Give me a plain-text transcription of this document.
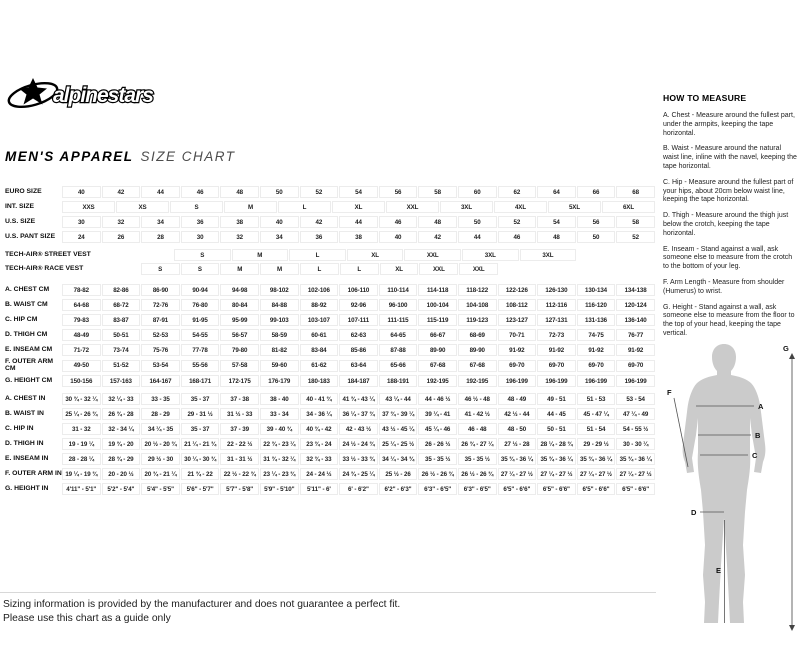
alpinestars
MEN'S APPAREL SIZE CHART
EURO SIZE	40	42	44	46	48	50	52	54	56	58	60	62	64	66	68
INT. SIZE	XXS	XS	S	M	L	XL	XXL	3XL	4XL	5XL	6XL
U.S. SIZE	30	32	34	36	38	40	42	44	46	48	50	52	54	56	58
U.S. PANT SIZE	24	26	28	30	32	34	36	38	40	42	44	46	48	50	52
TECH-AIR® STREET VEST	S	M	L	XL	XXL	3XL	3XL
TECH-AIR® RACE VEST	S	S	M	M	L	L	XL	XXL	XXL
A. CHEST CM	78-82	82-86	86-90	90-94	94-98	98-102	102-106	106-110	110-114	114-118	118-122	122-126	126-130	130-134	134-138
B. WAIST CM	64-68	68-72	72-76	76-80	80-84	84-88	88-92	92-96	96-100	100-104	104-108	108-112	112-116	116-120	120-124
C. HIP CM	79-83	83-87	87-91	91-95	95-99	99-103	103-107	107-111	111-115	115-119	119-123	123-127	127-131	131-136	136-140
D. THIGH CM	48-49	50-51	52-53	54-55	56-57	58-59	60-61	62-63	64-65	66-67	68-69	70-71	72-73	74-75	76-77
E. INSEAM CM	71-72	73-74	75-76	77-78	79-80	81-82	83-84	85-86	87-88	89-90	89-90	91-92	91-92	91-92	91-92
F. OUTER ARM CM	49-50	51-52	53-54	55-56	57-58	59-60	61-62	63-64	65-66	67-68	67-68	69-70	69-70	69-70	69-70
G. HEIGHT CM	150-156	157-163	164-167	168-171	172-175	176-179	180-183	184-187	188-191	192-195	192-195	196-199	196-199	196-199	196-199
A. CHEST IN	30 ¾ - 32 ¼	32 ¼ - 33	33 - 35	35 - 37	37 - 38	38 - 40	40 - 41 ¾	41 ¾ - 43 ¼	43 ¼ - 44	44 - 46 ½	46 ½ - 48	48 - 49	49 - 51	51 - 53	53 - 54
B. WAIST IN	25 ¼ - 26 ¾	26 ¾ - 28	28 - 29	29 - 31 ½	31 ½ - 33	33 - 34	34 - 36 ¼	36 ¼ - 37 ¾	37 ¾ - 39 ¼	39 ¼ - 41	41 - 42 ½	42 ½ - 44	44 - 45	45 - 47 ¼	47 ¼ - 49
C. HIP IN	31 - 32	32 - 34 ¼	34 ¼ - 35	35 - 37	37 - 39	39 - 40 ¾	40 ¾ - 42	42 - 43 ½	43 ½ - 45 ¼	45 ¼ - 46	46 - 48	48 - 50	50 - 51	51 - 54	54 - 55 ½
D. THIGH IN	19 - 19 ¼	19 ¾ - 20	20 ½ - 20 ¾	21 ¼ - 21 ¾	22 - 22 ½	22 ¾ - 23 ¼	23 ¾ - 24	24 ½ - 24 ¾	25 ¼ - 25 ½	26 - 26 ½	26 ¾ - 27 ¼	27 ½ - 28	28 ¼ - 28 ¾	29 - 29 ½	30 - 30 ¼
E. INSEAM IN	28 - 28 ¼	28 ¾ - 29	29 ½ - 30	30 ¼ - 30 ¾	31 - 31 ½	31 ¾ - 32 ¼	32 ¾ - 33	33 ½ - 33 ¾	34 ¼ - 34 ¾	35 - 35 ½	35 - 35 ½	35 ¾ - 36 ¼	35 ¾ - 36 ¼	35 ¾ - 36 ¼	35 ¾ - 36 ¼
F. OUTER ARM IN 19 ¼ - 19 ¾	20 - 20 ½	20 ¾ - 21 ¼	21 ¾ - 22	22 ½ - 22 ¾	23 ¼ - 23 ¾	24 - 24 ½	24 ¾ - 25 ¼	25 ½ - 26	26 ½ - 26 ¾	26 ½ - 26 ¾	27 ¼ - 27 ½	27 ¼ - 27 ½	27 ¼ - 27 ½	27 ¼ - 27 ½
G. HEIGHT IN	4'11" - 5'1"	5'2" - 5'4"	5'4" - 5'5"	5'6" - 5'7"	5'7" - 5'8"	5'9" - 5'10"	5'11" - 6'	6' - 6'2"	6'2" - 6'3"	6'3" - 6'5"	6'3" - 6'5"	6'5" - 6'6"	6'5" - 6'6"	6'5" - 6'6"	6'5" - 6'6"
HOW TO MEASURE

A. Chest - Measure around the fullest part, under the armpits, keeping the tape horizontal.

B. Waist - Measure around the natural waist line, inline with the navel, keeping the tape horizontal.

C. Hip - Measure around the fullest part of your hips, about 20cm below waist line, keeping the tape horizontal.

D. Thigh - Measure around the thigh just below the crotch, keeping the tape horizontal.

E. Inseam - Stand against a wall, ask someone else to measure from the crotch to the bottom of your leg.

F. Arm Length - Measure from shoulder (Humerus) to wrist.

G. Height - Stand against a wall, ask someone else to measure from the floor to the top of your head, keeping the tape vertical.

A
B
C
D
E
F
G
Sizing information is provided by the manufacturer and does not guarantee a perfect fit.
Please use this chart as a guide only
